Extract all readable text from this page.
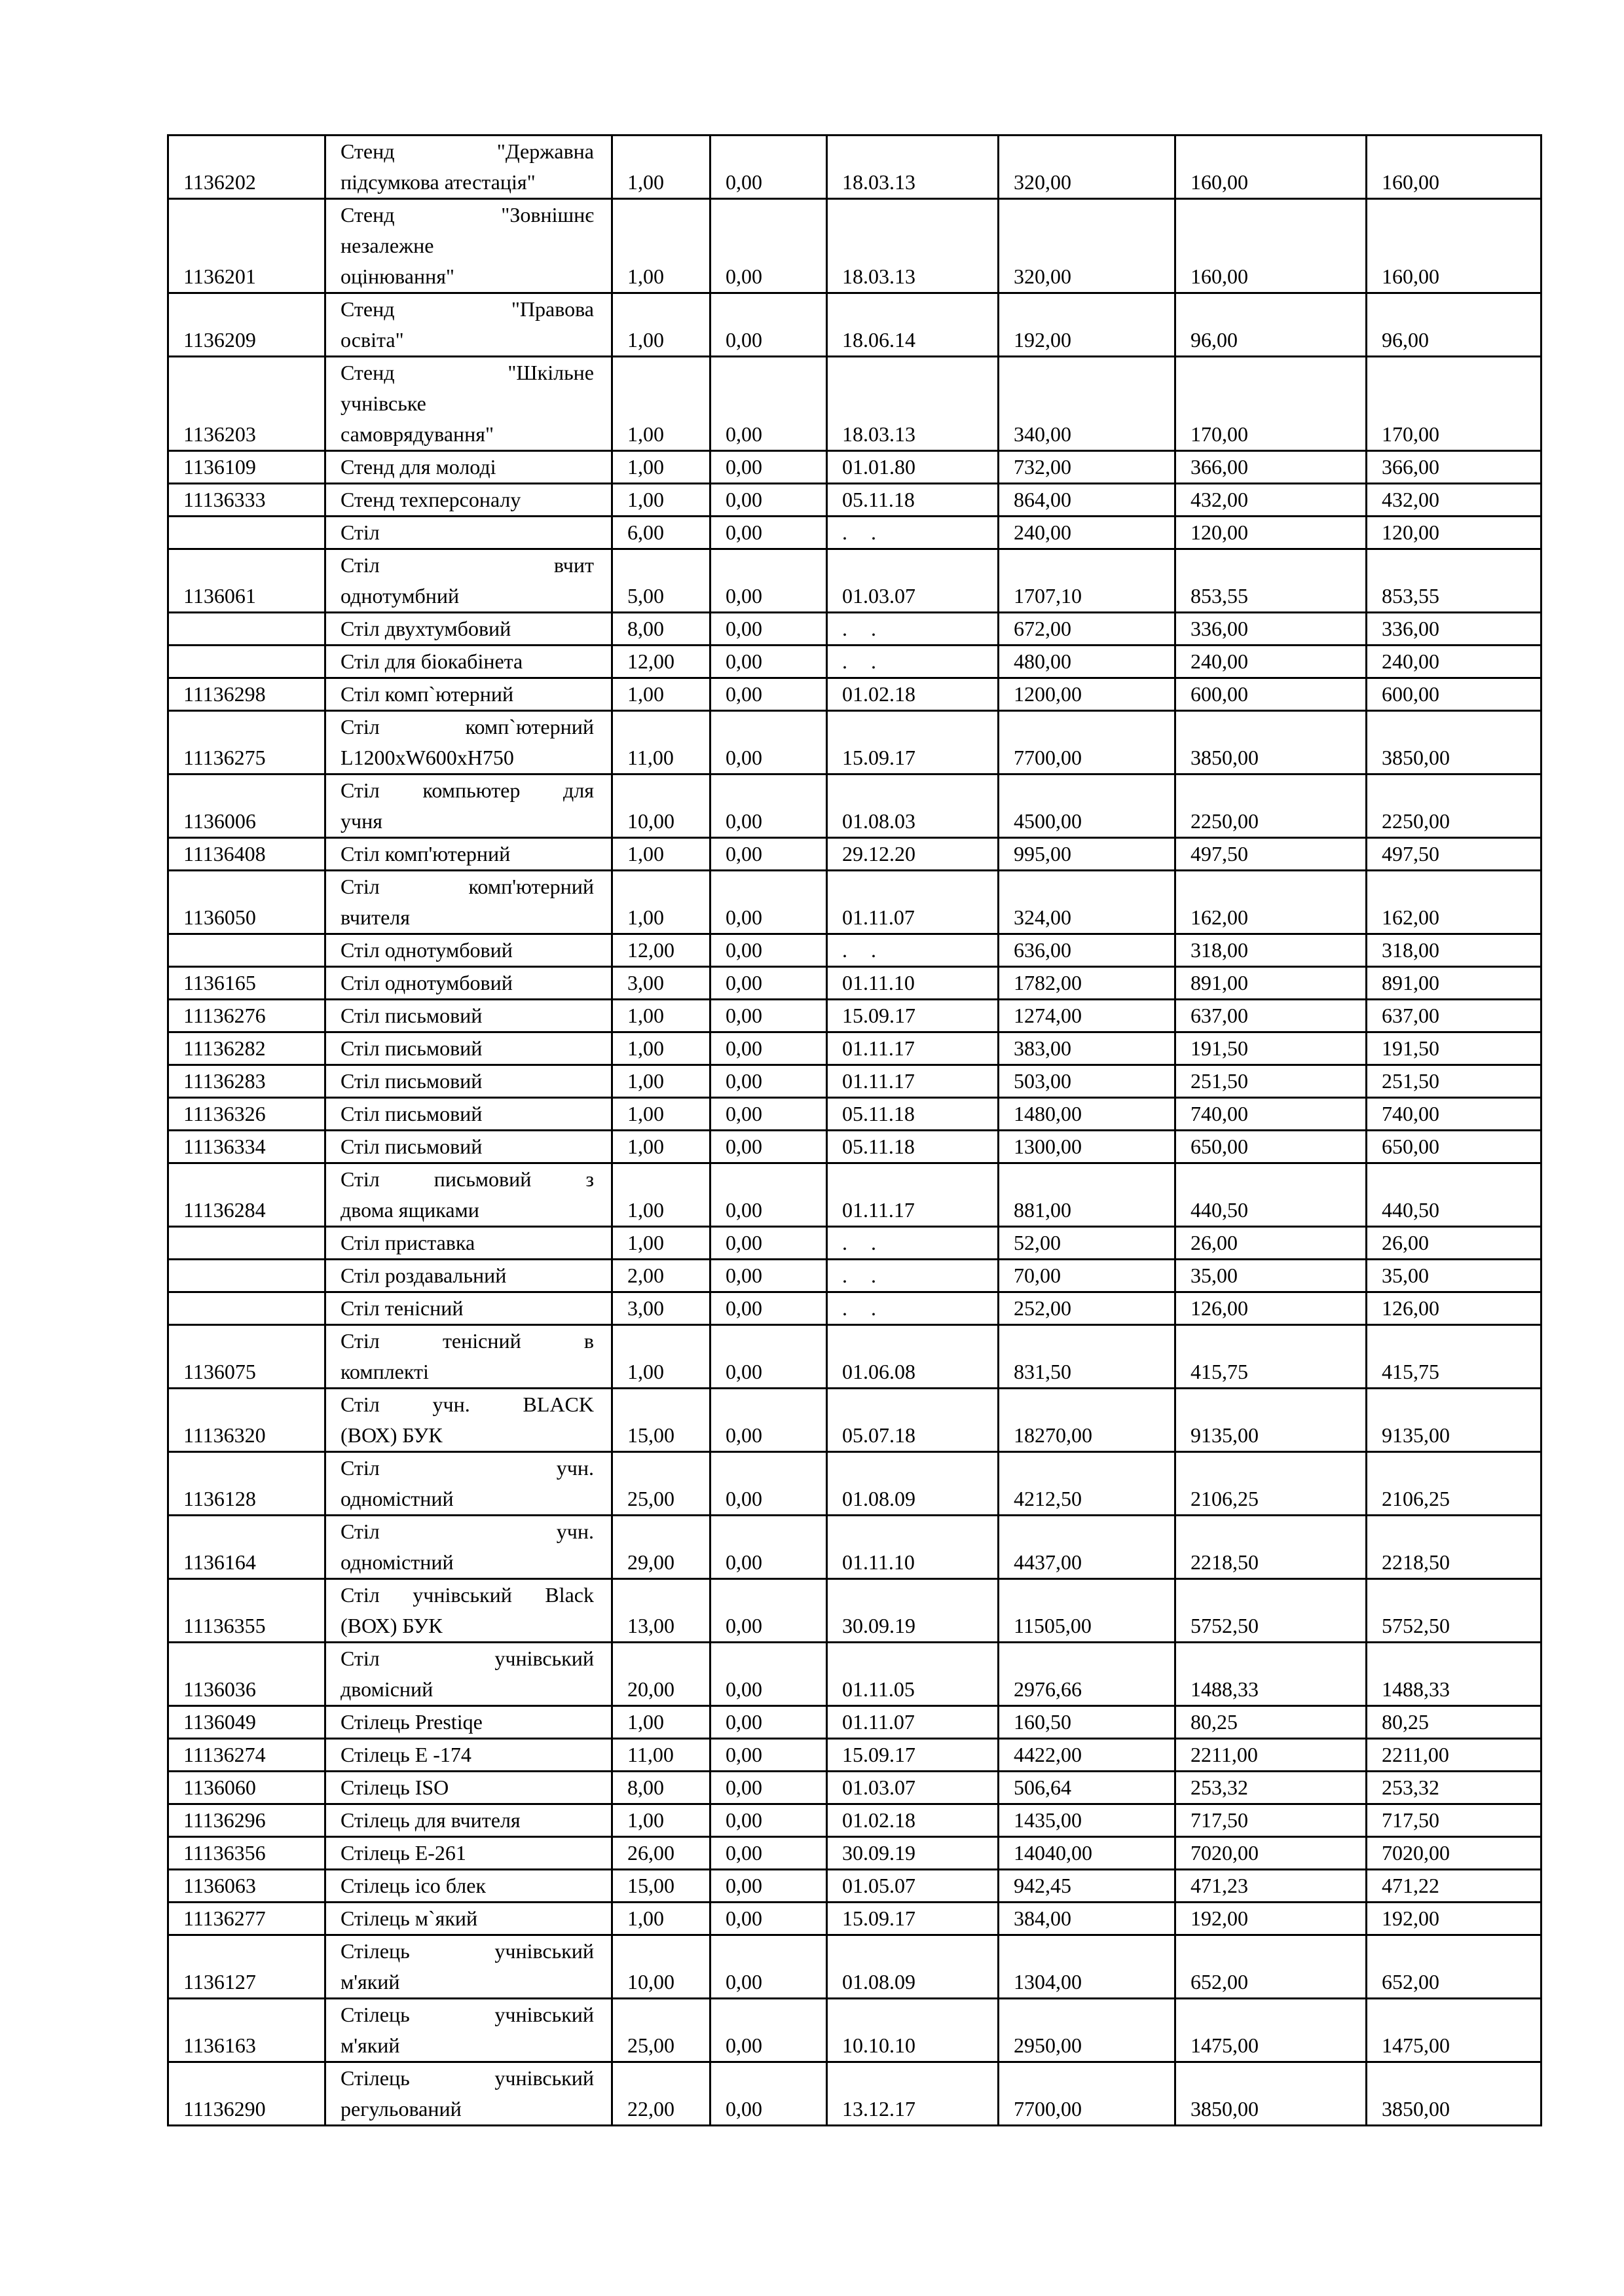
1136202	Стенд "Державна
підсумкова атестація"	1,00	0,00	18.03.13	320,00	160,00	160,00
1136201	Стенд "Зовнішнє
незалежне
оцінювання"	1,00	0,00	18.03.13	320,00	160,00	160,00
1136209	Стенд "Правова
освіта"	1,00	0,00	18.06.14	192,00	96,00	96,00
1136203	Стенд "Шкільне
учнівське
самоврядування"	1,00	0,00	18.03.13	340,00	170,00	170,00
1136109	Стенд для молоді	1,00	0,00	01.01.80	732,00	366,00	366,00
11136333	Стенд техперсоналу	1,00	0,00	05.11.18	864,00	432,00	432,00

	Стіл	6,00	0,00	. .	240,00	120,00	120,00
1136061	Стіл вчит
однотумбний	5,00	0,00	01.03.07	1707,10	853,55	853,55

	Стіл двухтумбовий	8,00	0,00	. .	672,00	336,00	336,00

	Стіл для біокабінета	12,00	0,00	. .	480,00	240,00	240,00
11136298	Стіл комп`ютерний	1,00	0,00	01.02.18	1200,00	600,00	600,00
11136275	Стіл комп`ютерний
L1200xW600xH750	11,00	0,00	15.09.17	7700,00	3850,00	3850,00
1136006	Стіл компьютер для
учня	10,00	0,00	01.08.03	4500,00	2250,00	2250,00
11136408	Стіл комп'ютерний	1,00	0,00	29.12.20	995,00	497,50	497,50
1136050	Стіл комп'ютерний
вчителя	1,00	0,00	01.11.07	324,00	162,00	162,00

	Стіл однотумбовий	12,00	0,00	. .	636,00	318,00	318,00
1136165	Стіл однотумбовий	3,00	0,00	01.11.10	1782,00	891,00	891,00
11136276	Стіл письмовий	1,00	0,00	15.09.17	1274,00	637,00	637,00
11136282	Стіл письмовий	1,00	0,00	01.11.17	383,00	191,50	191,50
11136283	Стіл письмовий	1,00	0,00	01.11.17	503,00	251,50	251,50
11136326	Стіл письмовий	1,00	0,00	05.11.18	1480,00	740,00	740,00
11136334	Стіл письмовий	1,00	0,00	05.11.18	1300,00	650,00	650,00
11136284	Стіл письмовий з
двома ящиками	1,00	0,00	01.11.17	881,00	440,50	440,50

	Стіл приставка	1,00	0,00	. .	52,00	26,00	26,00

	Стіл роздавальний	2,00	0,00	. .	70,00	35,00	35,00

	Стіл тенісний	3,00	0,00	. .	252,00	126,00	126,00
1136075	Стіл тенісний в
комплекті	1,00	0,00	01.06.08	831,50	415,75	415,75
11136320	Стіл учн. BLACK
(ВОХ) БУК	15,00	0,00	05.07.18	18270,00	9135,00	9135,00
1136128	Стіл учн.
одномістний	25,00	0,00	01.08.09	4212,50	2106,25	2106,25
1136164	Стіл учн.
одномістний	29,00	0,00	01.11.10	4437,00	2218,50	2218,50
11136355	Стіл учнівський Black
(ВОХ) БУК	13,00	0,00	30.09.19	11505,00	5752,50	5752,50
1136036	Стіл учнівський
двомісний	20,00	0,00	01.11.05	2976,66	1488,33	1488,33
1136049	Стілець Prestiqe	1,00	0,00	01.11.07	160,50	80,25	80,25
11136274	Стілець Е -174	11,00	0,00	15.09.17	4422,00	2211,00	2211,00
1136060	Стілець ISO	8,00	0,00	01.03.07	506,64	253,32	253,32
11136296	Стілець для вчителя	1,00	0,00	01.02.18	1435,00	717,50	717,50
11136356	Стілець Е-261	26,00	0,00	30.09.19	14040,00	7020,00	7020,00
1136063	Стілець ісо блек	15,00	0,00	01.05.07	942,45	471,23	471,22
11136277	Стілець м`який	1,00	0,00	15.09.17	384,00	192,00	192,00
1136127	Стілець учнівський
м'який	10,00	0,00	01.08.09	1304,00	652,00	652,00
1136163	Стілець учнівський
м'який	25,00	0,00	10.10.10	2950,00	1475,00	1475,00
11136290	Стілець учнівський
регульований	22,00	0,00	13.12.17	7700,00	3850,00	3850,00
